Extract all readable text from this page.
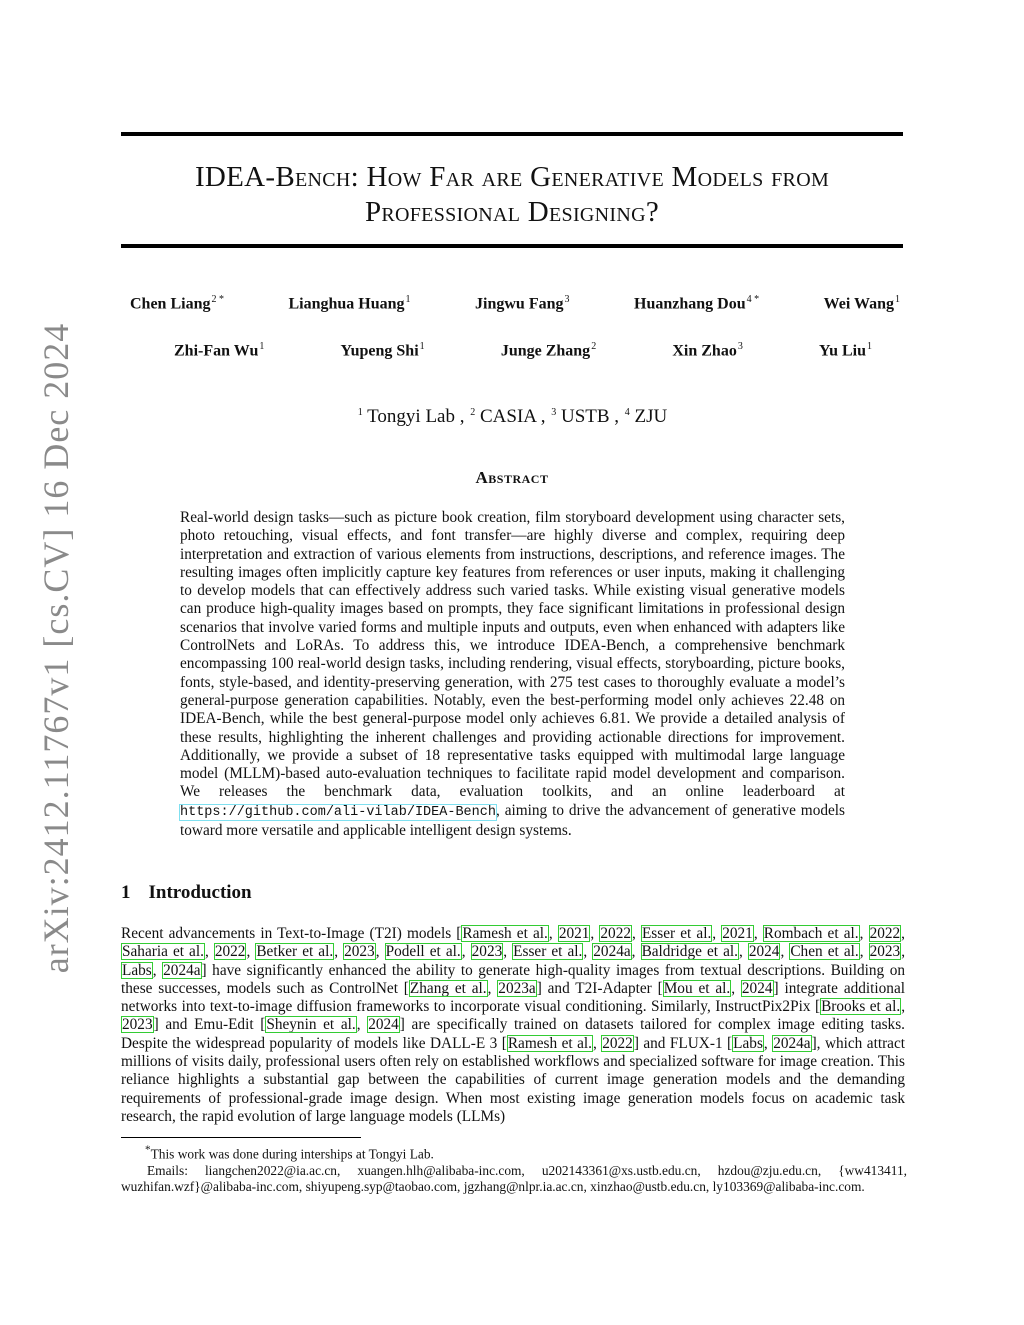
arXiv:2412.11767v1 [cs.CV] 16 Dec 2024
IDEA-Bench: How Far are Generative Models from
Professional Designing?
Chen Liang$^{2 *}$	Lianghua Huang$^1$	Jingwu Fang$^3$	Huanzhang Dou$^{4 *}$	Wei Wang$^1$
Zhi-Fan Wu$^1$	Yupeng Shi$^1$	Junge Zhang$^2$	Xin Zhao$^3$	Yu Liu$^1$
$^1$ Tongyi Lab , $^2$ CASIA , $^3$ USTB , $^4$ ZJU
Abstract
Real-world design tasks—such as picture book creation, film storyboard development using character sets, photo retouching, visual effects, and font transfer—are highly diverse and complex, requiring deep interpretation and extraction of various elements from instructions, descriptions, and reference images. The resulting images often implicitly capture key features from references or user inputs, making it challenging to develop models that can effectively address such varied tasks. While existing visual generative models can produce high-quality images based on prompts, they face significant limitations in professional design scenarios that involve varied forms and multiple inputs and outputs, even when enhanced with adapters like ControlNets and LoRAs. To address this, we introduce IDEA-Bench, a comprehensive benchmark encompassing 100 real-world design tasks, including rendering, visual effects, storyboarding, picture books, fonts, style-based, and identity-preserving generation, with 275 test cases to thoroughly evaluate a model’s general-purpose generation capabilities. Notably, even the best-performing model only achieves 22.48 on IDEA-Bench, while the best general-purpose model only achieves 6.81. We provide a detailed analysis of these results, highlighting the inherent challenges and providing actionable directions for improvement. Additionally, we provide a subset of 18 representative tasks equipped with multimodal large language model (MLLM)-based auto-evaluation techniques to facilitate rapid model development and comparison. We releases the benchmark data, evaluation toolkits, and an online leaderboard at https://github.com/ali-vilab/IDEA-Bench, aiming to drive the advancement of generative models toward more versatile and applicable intelligent design systems.
1 Introduction
Recent advancements in Text-to-Image (T2I) models [Ramesh et al., 2021, 2022, Esser et al., 2021, Rombach et al., 2022, Saharia et al., 2022, Betker et al., 2023, Podell et al., 2023, Esser et al., 2024a, Baldridge et al., 2024, Chen et al., 2023, Labs, 2024a] have significantly enhanced the ability to generate high-quality images from textual descriptions. Building on these successes, models such as ControlNet [Zhang et al., 2023a] and T2I-Adapter [Mou et al., 2024] integrate additional networks into text-to-image diffusion frameworks to incorporate visual conditioning. Similarly, InstructPix2Pix [Brooks et al., 2023] and Emu-Edit [Sheynin et al., 2024] are specifically trained on datasets tailored for complex image editing tasks. Despite the widespread popularity of models like DALL-E 3 [Ramesh et al., 2022] and FLUX-1 [Labs, 2024a], which attract millions of visits daily, professional users often rely on established workflows and specialized software for image creation. This reliance highlights a substantial gap between the capabilities of current image generation models and the demanding requirements of professional-grade image design. When most existing image generation models focus on academic task research, the rapid evolution of large language models (LLMs)

*This work was done during interships at Tongyi Lab.

Emails: liangchen2022@ia.ac.cn, xuangen.hlh@alibaba-inc.com, u202143361@xs.ustb.edu.cn, hzdou@zju.edu.cn, {ww413411, wuzhifan.wzf}@alibaba-inc.com, shiyupeng.syp@taobao.com, jgzhang@nlpr.ia.ac.cn, xinzhao@ustb.edu.cn, ly103369@alibaba-inc.com.
